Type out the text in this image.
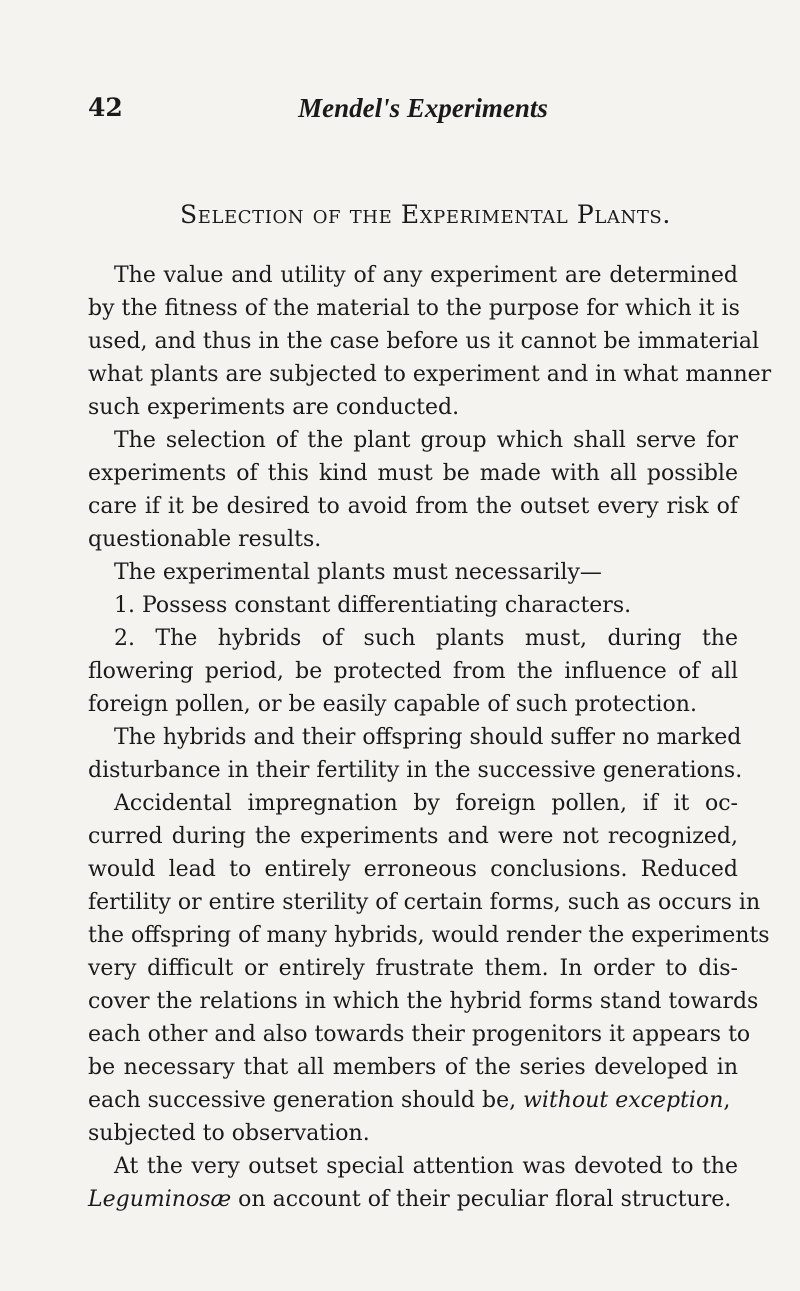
42	Mendel's Experiments
Selection of the Experimental Plants.
The value and utility of any experiment are determined
by the fitness of the material to the purpose for which it is
used, and thus in the case before us it cannot be immaterial
what plants are subjected to experiment and in what manner
such experiments are conducted.
The selection of the plant group which shall serve for
experiments of this kind must be made with all possible
care if it be desired to avoid from the outset every risk of
questionable results.
The experimental plants must necessarily—
1. Possess constant differentiating characters.
2. The hybrids of such plants must, during the
flowering period, be protected from the influence of all
foreign pollen, or be easily capable of such protection.
The hybrids and their offspring should suffer no marked
disturbance in their fertility in the successive generations.
Accidental impregnation by foreign pollen, if it oc-
curred during the experiments and were not recognized,
would lead to entirely erroneous conclusions. Reduced
fertility or entire sterility of certain forms, such as occurs in
the offspring of many hybrids, would render the experiments
very difficult or entirely frustrate them. In order to dis-
cover the relations in which the hybrid forms stand towards
each other and also towards their progenitors it appears to
be necessary that all members of the series developed in
each successive generation should be, without exception,
subjected to observation.
At the very outset special attention was devoted to the
Leguminosæ on account of their peculiar floral structure.
